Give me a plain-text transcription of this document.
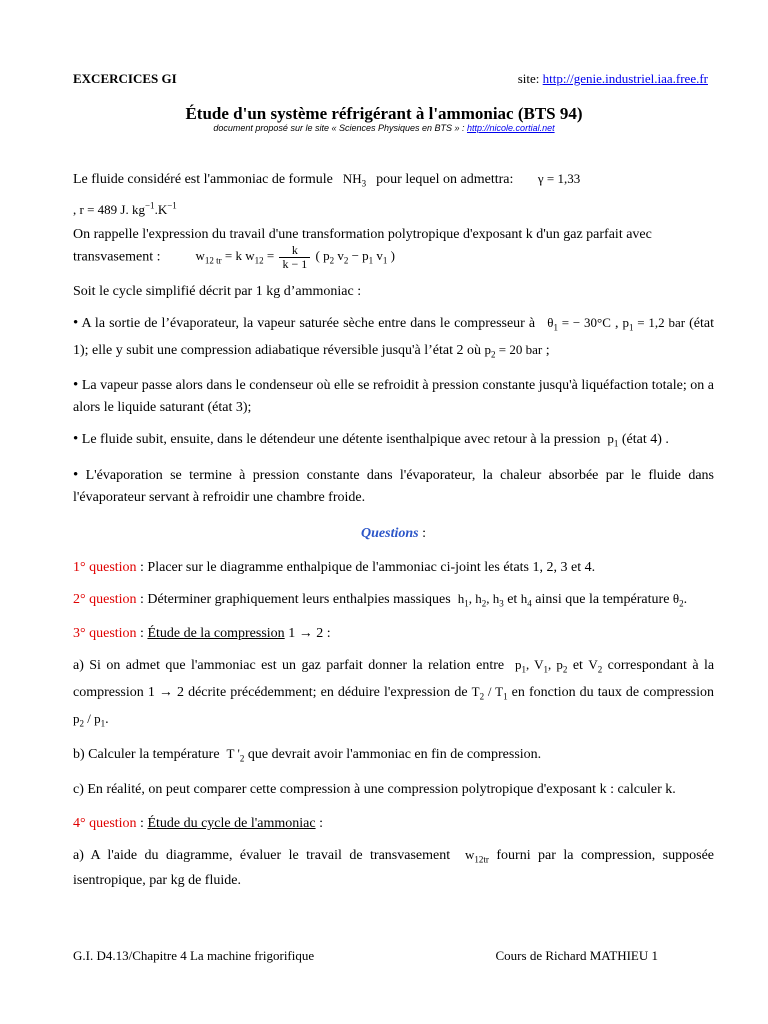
EXCERCICES GI	site: http://genie.industriel.iaa.free.fr
Étude d'un système réfrigérant à l'ammoniac (BTS 94)
document proposé sur le site « Sciences Physiques en BTS » : http://nicole.cortial.net

Le fluide considéré est l'ammoniac de formule $NH_3$ pour lequel on admettra: γ = 1,33
, r = 489 J. $kg^{-1}.K^{-1}$

On rappelle l'expression du travail d'une transformation polytropique d'exposant k d'un gaz parfait avec

transvasement :	$w_{12 tr} = k$ $w_{12} = \frac{k}{k - 1}$ ( $p_2$ $v_2 - p_1$ $v_1$ )

Soit le cycle simplifié décrit par 1 kg d’ammoniac :

• A la sortie de l’évaporateur, la vapeur saturée sèche entre dans le compresseur à $\theta_1$ = − 30°C , $p_1 = 1,2$ bar (état 1); elle y subit une compression adiabatique réversible jusqu'à l’état 2 où $p_2 = 20$ bar ;

• La vapeur passe alors dans le condenseur où elle se refroidit à pression constante jusqu'à liquéfaction totale; on a alors le liquide saturant (état 3);

• Le fluide subit, ensuite, dans le détendeur une détente isenthalpique avec retour à la pression $p_1$ (état 4) .

• L'évaporation se termine à pression constante dans l'évaporateur, la chaleur absorbée par le fluide dans l'évaporateur servant à refroidir une chambre froide.

Questions :

1° question : Placer sur le diagramme enthalpique de l'ammoniac ci-joint les états 1, 2, 3 et 4.

2° question : Déterminer graphiquement leurs enthalpies massiques $h_1$, $h_2$, $h_3$ et $h_4$ ainsi que la température $\theta_2$.

3° question : Étude de la compression 1 → 2 :

a) Si on admet que l'ammoniac est un gaz parfait donner la relation entre $p_1$, $V_1$, $p_2$ et $V_2$ correspondant à la compression 1 → 2 décrite précédemment; en déduire l'expression de $T_2 / T_1$ en fonction du taux de compression $p_2 / p_1$.

b) Calculer la température T '$_2$ que devrait avoir l'ammoniac en fin de compression.

c) En réalité, on peut comparer cette compression à une compression polytropique d'exposant k : calculer k.

4° question : Étude du cycle de l'ammoniac :

a) A l'aide du diagramme, évaluer le travail de transvasement $w_{12tr}$ fourni par la compression, supposée isentropique, par kg de fluide.

G.I. D4.13/Chapitre 4 La machine frigorifique	Cours de Richard MATHIEU 1
